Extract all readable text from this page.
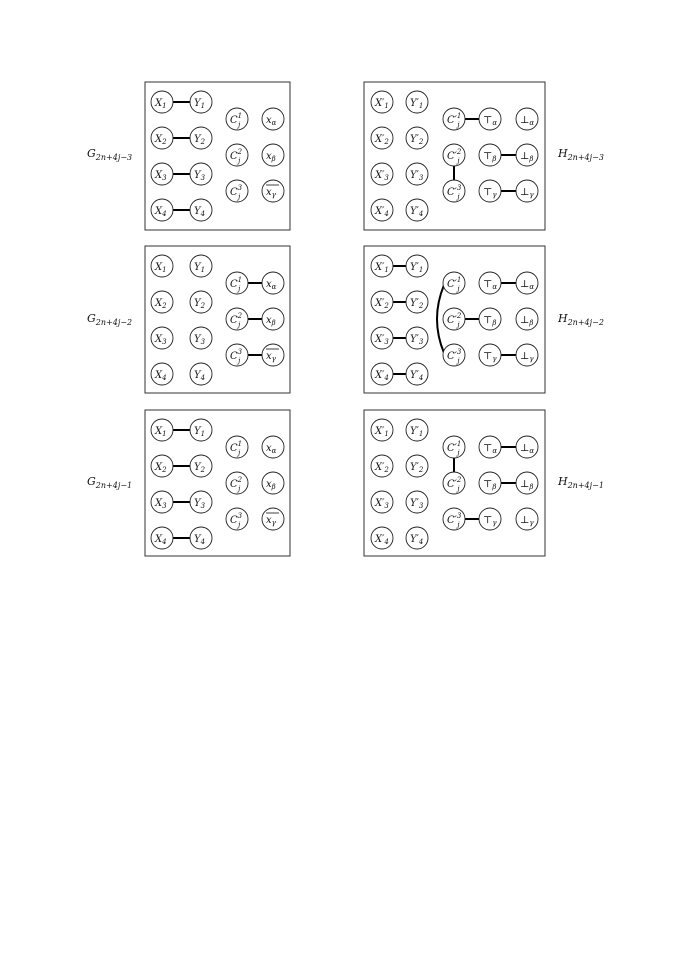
$G_{2n+4j-3}$
$X_1$	$Y_1$
$X_2$	$Y_2$
$X_3$	$Y_3$
$X_4$	$Y_4$
$C^1$ j
$C^2$ j
$C^3$ j
$x_\alpha$
$x_\beta$
$x_\gamma$
$H_{2n+4j-3}$
$X'_1$ $Y'_1$
$X'_2$ $Y'_2$
$X'_3$ $Y'_3$
$X'_4$ $Y'_4$
$C'^1$ j
$C'^2$ j
$C'^3$ j
$⊤_\alpha$
$⊤_\beta$
$⊤_\gamma$
$\perp_\alpha$
$\perp_\beta$
$\perp_\gamma$
$G_{2n+4j-2}$
$X_1$	$Y_1$
$X_2$	$Y_2$
$X_3$	$Y_3$
$X_4$	$Y_4$
$C^1$ j
$C^2$ j
$C^3$ j
$x_\alpha$
$x_\beta$
$x_\gamma$
$H_{2n+4j-2}$
$X'_1$ $Y'_1$
$X'_2$ $Y'_2$
$X'_3$ $Y'_3$
$X'_4$ $Y'_4$
$C'^1$ j
$C'^2$ j
$C'^3$ j
$⊤_\alpha$
$⊤_\beta$
$⊤_\gamma$
$\perp_\alpha$
$\perp_\beta$
$\perp_\gamma$
$G_{2n+4j-1}$
$X_1$	$Y_1$
$X_2$	$Y_2$
$X_3$	$Y_3$
$X_4$	$Y_4$
$C^1$ j
$C^2$ j
$C^3$ j
$x_\alpha$
$x_\beta$
$x_\gamma$
$H_{2n+4j-1}$
$X'_1$ $Y'_1$
$X'_2$ $Y'_2$
$X'_3$ $Y'_3$
$X'_4$ $Y'_4$
$C'^1$ j
$C'^2$ j
$C'^3$ j
$⊤_\alpha$
$⊤_\beta$
$⊤_\gamma$
$\perp_\alpha$
$\perp_\beta$
$\perp_\gamma$
